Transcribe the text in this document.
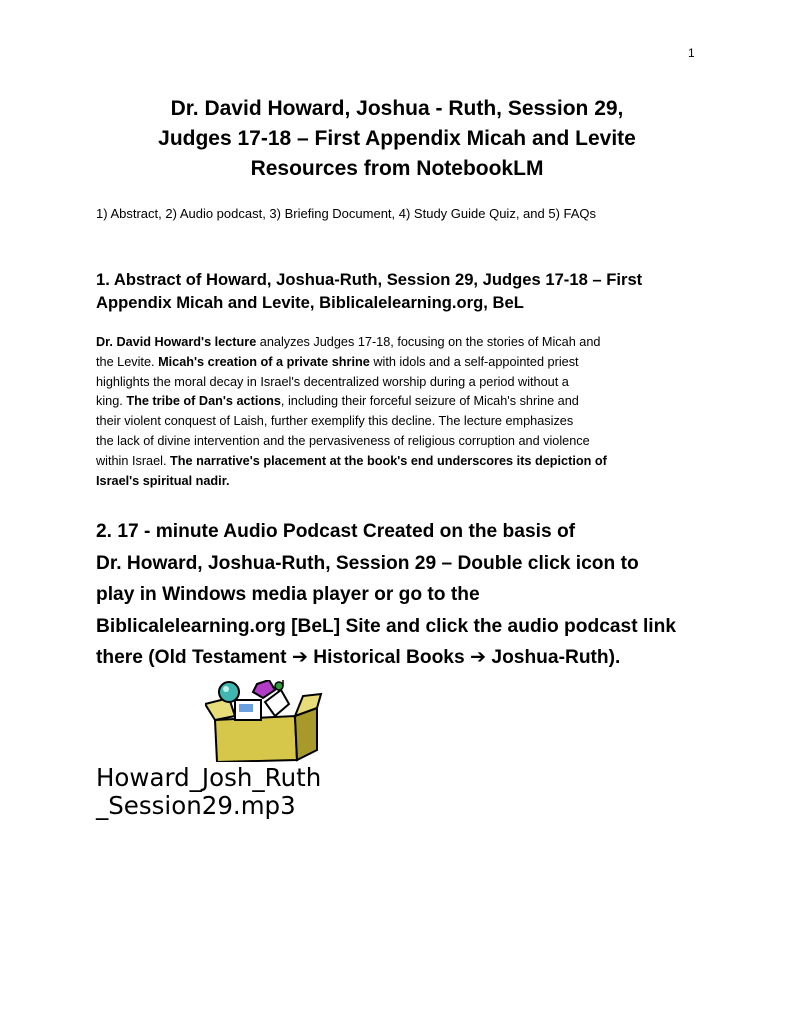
1
Dr. David Howard, Joshua - Ruth, Session 29,
Judges 17-18 – First Appendix Micah and Levite
Resources from NotebookLM
1) Abstract, 2) Audio podcast, 3) Briefing Document, 4) Study Guide Quiz, and 5) FAQs
1. Abstract of Howard, Joshua-Ruth, Session 29, Judges 17-18 – First
Appendix Micah and Levite, Biblicalelearning.org, BeL
Dr. David Howard's lecture analyzes Judges 17-18, focusing on the stories of Micah and
the Levite. Micah's creation of a private shrine with idols and a self-appointed priest
highlights the moral decay in Israel's decentralized worship during a period without a
king. The tribe of Dan's actions, including their forceful seizure of Micah's shrine and
their violent conquest of Laish, further exemplify this decline. The lecture emphasizes
the lack of divine intervention and the pervasiveness of religious corruption and violence
within Israel. The narrative's placement at the book's end underscores its depiction of
Israel's spiritual nadir.
2. 17 - minute Audio Podcast Created on the basis of
Dr. Howard, Joshua-Ruth, Session 29 – Double click icon to
play in Windows media player or go to the
Biblicalelearning.org [BeL] Site and click the audio podcast link
there (Old Testament ➔ Historical Books ➔ Joshua-Ruth).
Howard_Josh_Ruth
_Session29.mp3
